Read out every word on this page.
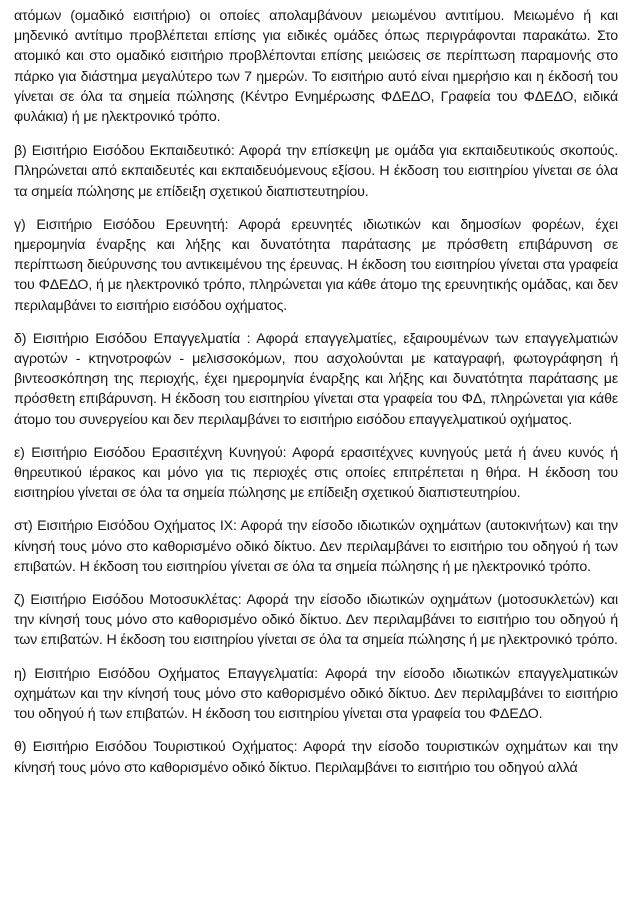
ατόμων (ομαδικό εισιτήριο) οι οποίες απολαμβάνουν μειωμένου αντιτίμου. Μειωμένο ή και μηδενικό αντίτιμο προβλέπεται επίσης για ειδικές ομάδες όπως περιγράφονται παρακάτω. Στο ατομικό και στο ομαδικό εισιτήριο προβλέπονται επίσης μειώσεις σε περίπτωση παραμονής στο πάρκο για διάστημα μεγαλύτερο των 7 ημερών. Το εισιτήριο αυτό είναι ημερήσιο και η έκδοσή του γίνεται σε όλα τα σημεία πώλησης (Κέντρο Ενημέρωσης ΦΔΕΔΟ, Γραφεία του ΦΔΕΔΟ, ειδικά φυλάκια) ή με ηλεκτρονικό τρόπο.

β) Εισιτήριο Εισόδου Εκπαιδευτικό: Αφορά την επίσκεψη με ομάδα για εκπαιδευτικούς σκοπούς. Πληρώνεται από εκπαιδευτές και εκπαιδευόμενους εξίσου. Η έκδοση του εισιτηρίου γίνεται σε όλα τα σημεία πώλησης με επίδειξη σχετικού διαπιστευτηρίου.

γ) Εισιτήριο Εισόδου Ερευνητή: Αφορά ερευνητές ιδιωτικών και δημοσίων φορέων, έχει ημερομηνία έναρξης και λήξης και δυνατότητα παράτασης με πρόσθετη επιβάρυνση σε περίπτωση διεύρυνσης του αντικειμένου της έρευνας. Η έκδοση του εισιτηρίου γίνεται στα γραφεία του ΦΔΕΔΟ, ή με ηλεκτρονικό τρόπο, πληρώνεται για κάθε άτομο της ερευνητικής ομάδας, και δεν περιλαμβάνει το εισιτήριο εισόδου οχήματος.

δ) Εισιτήριο Εισόδου Επαγγελματία : Αφορά επαγγελματίες, εξαιρουμένων των επαγγελματιών αγροτών - κτηνοτροφών - μελισσοκόμων, που ασχολούνται με καταγραφή, φωτογράφηση ή βιντεοσκόπηση της περιοχής, έχει ημερομηνία έναρξης και λήξης και δυνατότητα παράτασης με πρόσθετη επιβάρυνση. Η έκδοση του εισιτηρίου γίνεται στα γραφεία του ΦΔ, πληρώνεται για κάθε άτομο του συνεργείου και δεν περιλαμβάνει το εισιτήριο εισόδου επαγγελματικού οχήματος.

ε) Εισιτήριο Εισόδου Ερασιτέχνη Κυνηγού: Αφορά ερασιτέχνες κυνηγούς μετά ή άνευ κυνός ή θηρευτικού ιέρακος και μόνο για τις περιοχές στις οποίες επιτρέπεται η θήρα. Η έκδοση του εισιτηρίου γίνεται σε όλα τα σημεία πώλησης με επίδειξη σχετικού διαπιστευτηρίου.

στ) Εισιτήριο Εισόδου Οχήματος ΙΧ: Αφορά την είσοδο ιδιωτικών οχημάτων (αυτοκινήτων) και την κίνησή τους μόνο στο καθορισμένο οδικό δίκτυο. Δεν περιλαμβάνει το εισιτήριο του οδηγού ή των επιβατών. Η έκδοση του εισιτηρίου γίνεται σε όλα τα σημεία πώλησης ή με ηλεκτρονικό τρόπο.

ζ) Εισιτήριο Εισόδου Μοτοσυκλέτας: Αφορά την είσοδο ιδιωτικών οχημάτων (μοτοσυκλετών) και την κίνησή τους μόνο στο καθορισμένο οδικό δίκτυο. Δεν περιλαμβάνει το εισιτήριο του οδηγού ή των επιβατών. Η έκδοση του εισιτηρίου γίνεται σε όλα τα σημεία πώλησης ή με ηλεκτρονικό τρόπο.

η) Εισιτήριο Εισόδου Οχήματος Επαγγελματία: Αφορά την είσοδο ιδιωτικών επαγγελματικών οχημάτων και την κίνησή τους μόνο στο καθορισμένο οδικό δίκτυο. Δεν περιλαμβάνει το εισιτήριο του οδηγού ή των επιβατών. Η έκδοση του εισιτηρίου γίνεται στα γραφεία του ΦΔΕΔΟ.

θ) Εισιτήριο Εισόδου Τουριστικού Οχήματος: Αφορά την είσοδο τουριστικών οχημάτων και την κίνησή τους μόνο στο καθορισμένο οδικό δίκτυο. Περιλαμβάνει το εισιτήριο του οδηγού αλλά
